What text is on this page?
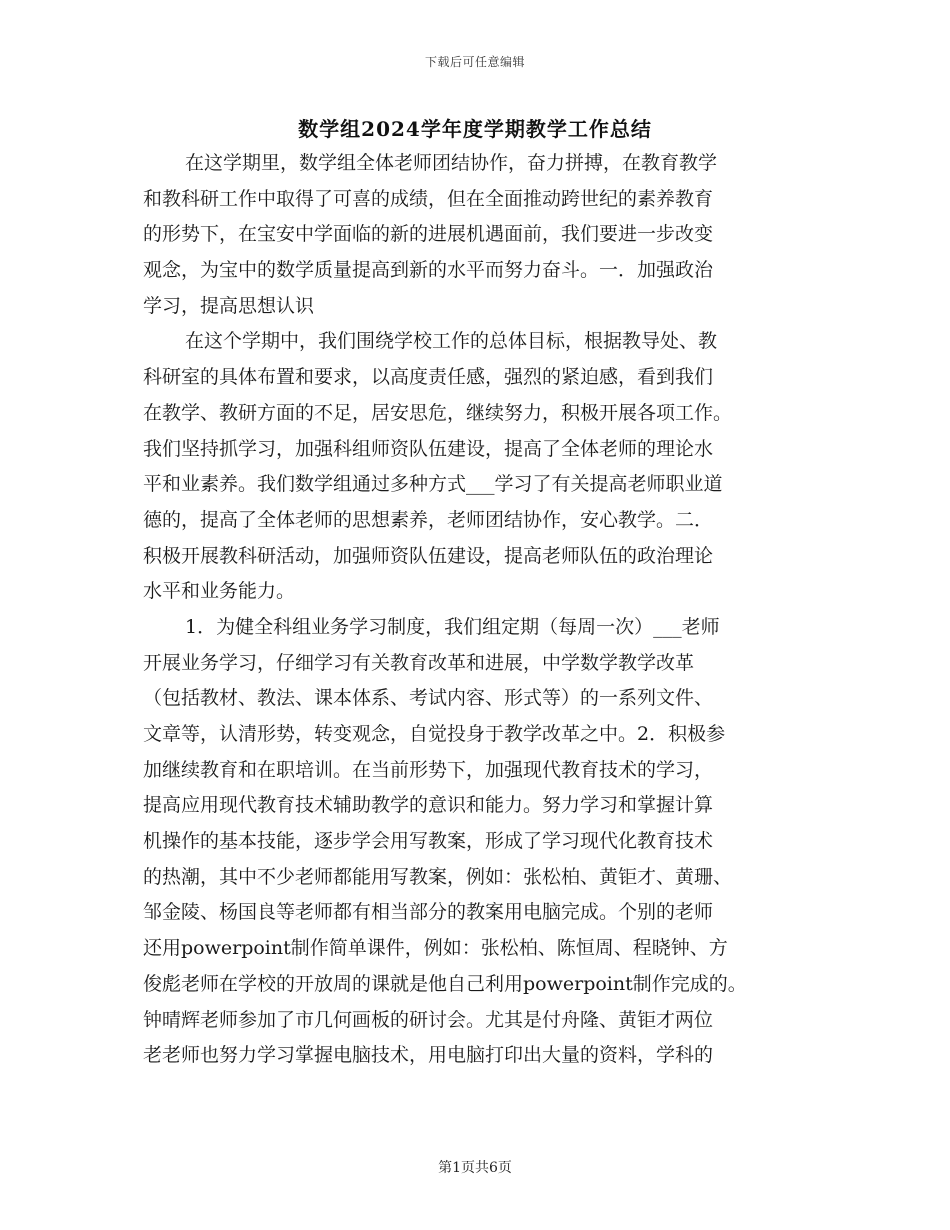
下载后可任意编辑
数学组2024学年度学期教学工作总结
在这学期里，数学组全体老师团结协作，奋力拼搏，在教育教学
和教科研工作中取得了可喜的成绩，但在全面推动跨世纪的素养教育
的形势下，在宝安中学面临的新的进展机遇面前，我们要进一步改变
观念，为宝中的数学质量提高到新的水平而努力奋斗。一．加强政治
学习，提高思想认识
在这个学期中，我们围绕学校工作的总体目标，根据教导处、教
科研室的具体布置和要求，以高度责任感，强烈的紧迫感，看到我们
在教学、教研方面的不足，居安思危，继续努力，积极开展各项工作。
我们坚持抓学习，加强科组师资队伍建设，提高了全体老师的理论水
平和业素养。我们数学组通过多种方式___学习了有关提高老师职业道
德的，提高了全体老师的思想素养，老师团结协作，安心教学。二．
积极开展教科研活动，加强师资队伍建设，提高老师队伍的政治理论
水平和业务能力。
1．为健全科组业务学习制度，我们组定期（每周一次）___老师
开展业务学习，仔细学习有关教育改革和进展，中学数学教学改革
（包括教材、教法、课本体系、考试内容、形式等）的一系列文件、
文章等，认清形势，转变观念，自觉投身于教学改革之中。2．积极参
加继续教育和在职培训。在当前形势下，加强现代教育技术的学习，
提高应用现代教育技术辅助教学的意识和能力。努力学习和掌握计算
机操作的基本技能，逐步学会用写教案，形成了学习现代化教育技术
的热潮，其中不少老师都能用写教案，例如：张松柏、黄钜才、黄珊、
邹金陵、杨国良等老师都有相当部分的教案用电脑完成。个别的老师
还用powerpoint制作简单课件，例如：张松柏、陈恒周、程晓钟、方
俊彪老师在学校的开放周的课就是他自己利用powerpoint制作完成的。
钟晴辉老师参加了市几何画板的研讨会。尤其是付舟隆、黄钜才两位
老老师也努力学习掌握电脑技术，用电脑打印出大量的资料，学科的
第1页共6页
